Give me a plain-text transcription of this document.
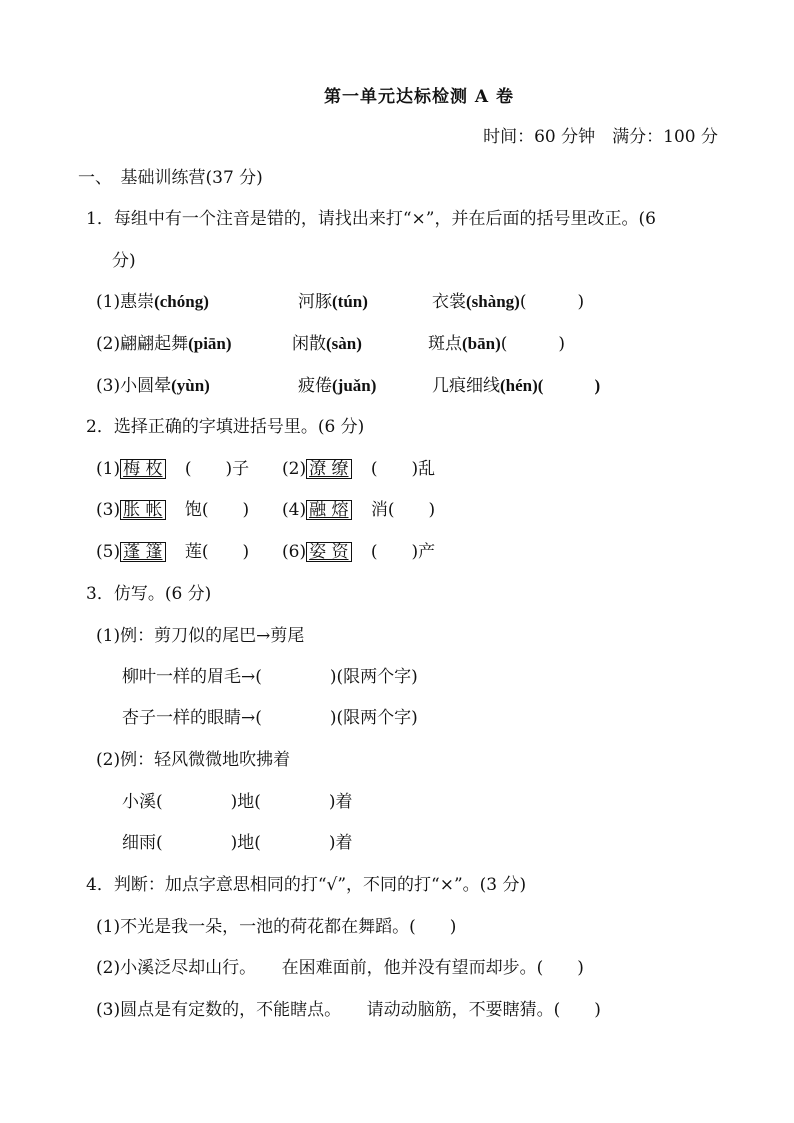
第一单元达标检测 A 卷
时间：60 分钟　满分：100 分
一、　基础训练营(37 分)
1．每组中有一个注音是错的，请找出来打“×”，并在后面的括号里改正。(6
分)
(1)惠崇(chóng)	河豚(tún)	衣裳(shàng)(　　　)
(2)翩翩起舞(piān)	闲散(sàn)	斑点(bān)(　　　)
(3)小圆晕(yùn)	疲倦(juǎn)	几痕细线(hén)(　　　)
2．选择正确的字填进括号里。(6 分)
(1) 梅 枚 (　　)子 (2) 潦 缭 (　　)乱
(3) 胀 帐 饱(　　) (4) 融 熔 消(　　)
(5) 蓬 篷 莲(　　) (6) 姿 资 (　　)产
3．仿写。(6 分)
(1)例：剪刀似的尾巴→剪尾
柳叶一样的眉毛→(　　　　)(限两个字)
杏子一样的眼睛→(　　　　)(限两个字)
(2)例：轻风微微地吹拂着
小溪(　　　　)地(　　　　)着
细雨(　　　　)地(　　　　)着
4．判断：加点字意思相同的打“√”，不同的打“×”。(3 分)
(1)不光是我一朵，一池的荷花都在舞蹈。(　　)
(2)小溪泛尽却山行。　　在困难面前，他并没有望而却步。(　　)
(3)圆点是有定数的，不能瞎点。　　请动动脑筋，不要瞎猜。(　　)
